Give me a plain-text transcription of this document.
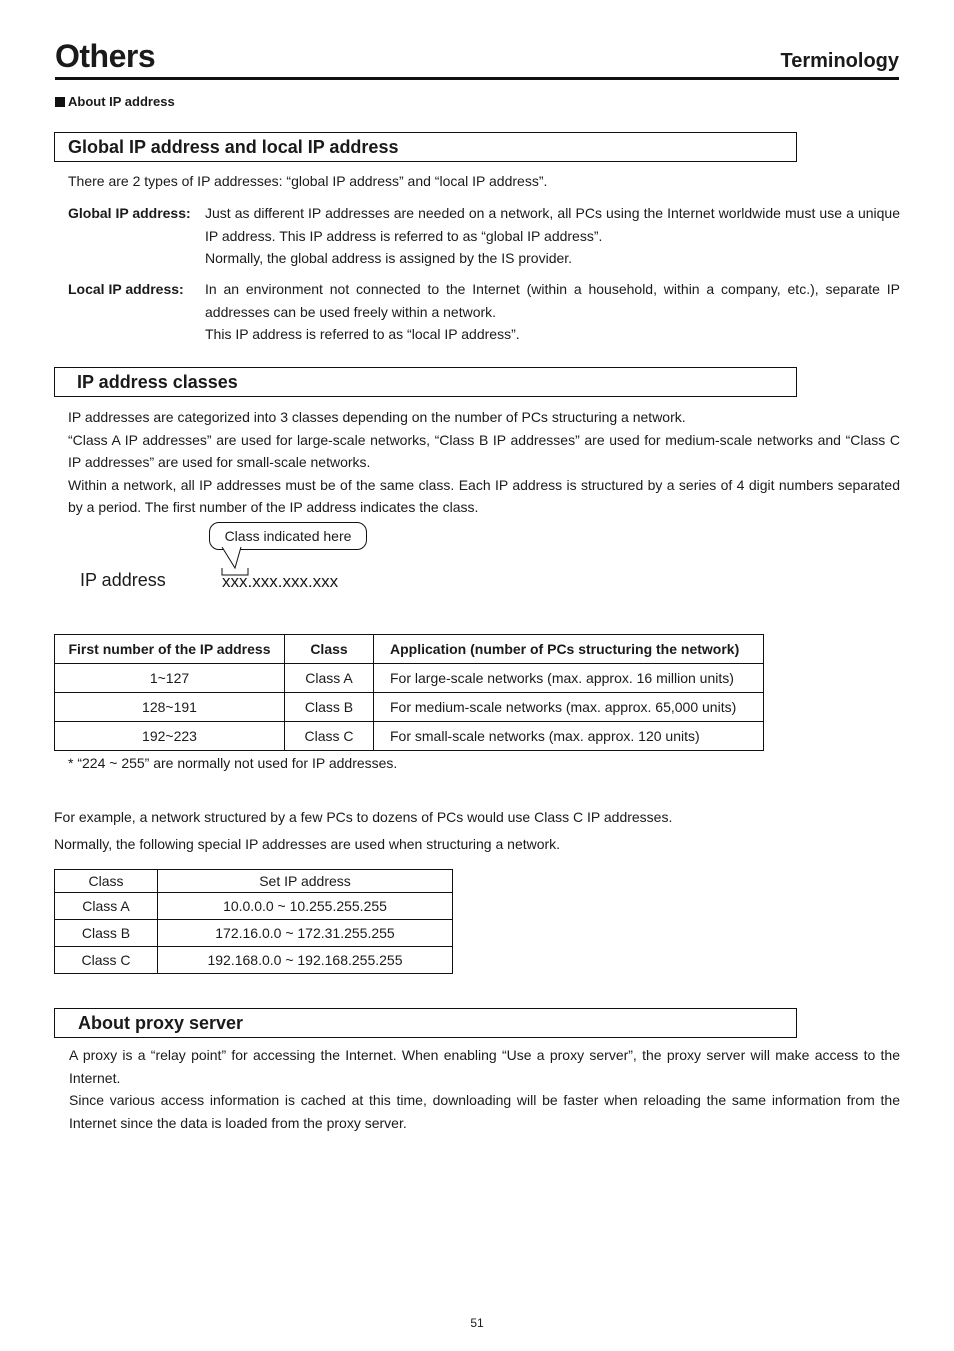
Others	Terminology
About IP address
Global IP address and local IP address
There are 2 types of IP addresses: “global IP address” and “local IP address”.
Global IP address: Just as different IP addresses are needed on a network, all PCs using the Internet worldwide must use a unique IP address. This IP address is referred to as “global IP address”.
Normally, the global address is assigned by the IS provider.
Local IP address: In an environment not connected to the Internet (within a household, within a company, etc.), separate IP addresses can be used freely within a network.
This IP address is referred to as “local IP address”.
IP address classes
IP addresses are categorized into 3 classes depending on the number of PCs structuring a network.
“Class A IP addresses” are used for large-scale networks, “Class B IP addresses” are used for medium-scale networks and “Class C IP addresses” are used for small-scale networks.
Within a network, all IP addresses must be of the same class. Each IP address is structured by a series of 4 digit numbers separated by a period. The first number of the IP address indicates the class.
Class indicated here
IP address	xxx.xxx.xxx.xxx
First number of the IP address	Class	Application (number of PCs structuring the network)
1~127	Class A	For large-scale networks (max. approx. 16 million units)
128~191	Class B	For medium-scale networks (max. approx. 65,000 units)
192~223	Class C	For small-scale networks (max. approx. 120 units)
* “224 ~ 255” are normally not used for IP addresses.
For example, a network structured by a few PCs to dozens of PCs would use Class C IP addresses.
Normally, the following special IP addresses are used when structuring a network.
Class	Set IP address
Class A	10.0.0.0 ~ 10.255.255.255
Class B	172.16.0.0 ~ 172.31.255.255
Class C	192.168.0.0 ~ 192.168.255.255
About proxy server
A proxy is a “relay point” for accessing the Internet. When enabling “Use a proxy server”, the proxy server will make access to the Internet.
Since various access information is cached at this time, downloading will be faster when reloading the same information from the Internet since the data is loaded from the proxy server.
51
